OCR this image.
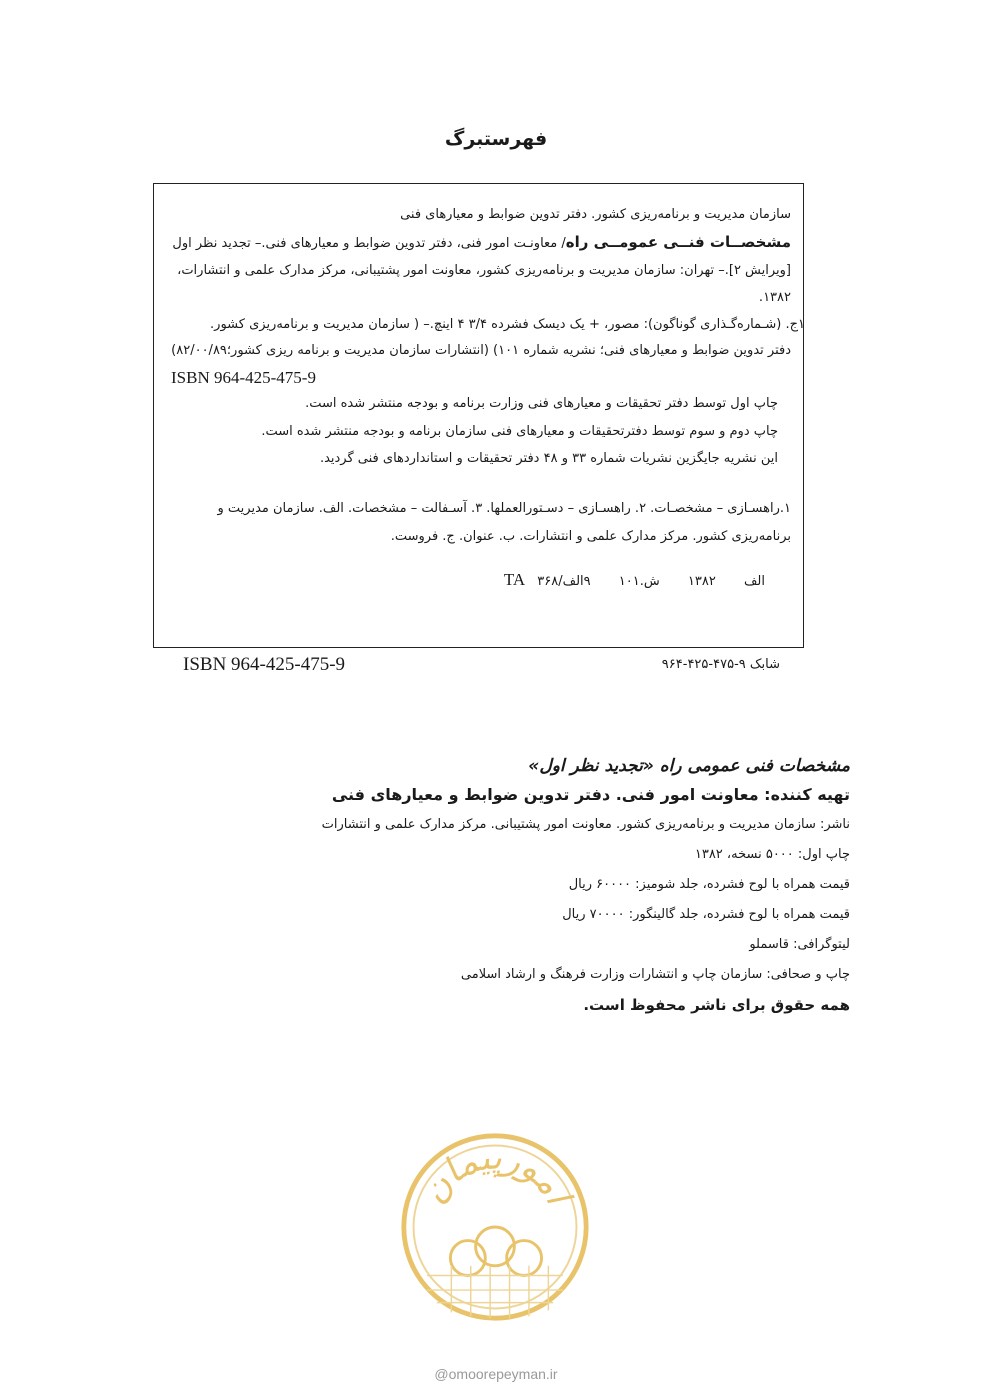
فهرستبرگ
سازمان مدیریت و برنامه‌ریزی کشور. دفتر تدوین ضوابط و معیارهای فنی
مشخصــات فنــی عمومــی راه/ معاونـت امور فنی، دفتر تدوین ضوابط و معیارهای فنی.– تجدید نظر اول
[ویرایش ۲].– تهران: سازمان مدیریت و برنامه‌ریزی کشور، معاونت امور پشتیبانی، مرکز مدارک علمی و انتشارات،
۱۳۸۲.
۱ج. (شـماره‌گـذاری گوناگون): مصور، + یک دیسک فشرده ۳/۴ ۴ اینچ.– ( سازمان مدیریت و برنامه‌ریزی کشور.
دفتر تدوین ضوابط و معیارهای فنی؛ نشریه شماره ۱۰۱) (انتشارات سازمان مدیریت و برنامه ریزی کشور؛۸۲/۰۰/۸۹)
ISBN 964-425-475-9
چاپ اول توسط دفتر تحقیقات و معیارهای فنی وزارت برنامه و بودجه منتشر شده است.
چاپ دوم و سوم توسط دفترتحقیقات و معیارهای فنی سازمان برنامه و بودجه منتشر شده است.
این نشریه جایگزین نشریات شماره ۳۳ و ۴۸ دفتر تحقیقات و استانداردهای فنی گردید.
۱.راهسـازی – مشخصـات. ۲. راهسـازی – دسـتورالعملها. ۳. آسـفالت – مشخصات. الف. سازمان مدیریت و
برنامه‌ریزی کشور. مرکز مدارک علمی و انتشارات. ب. عنوان. ج. فروست.
الف ۱۳۸۲ ش.۱۰۱ ۹الف/۳۶۸ TA
ISBN 964-425-475-9	شابک ۹-۴۷۵-۴۲۵-۹۶۴
مشخصات فنی عمومی راه «تجدید نظر اول»
تهیه کننده: معاونت امور فنی. دفتر تدوین ضوابط و معیارهای فنی
ناشر: سازمان مدیریت و برنامه‌ریزی کشور. معاونت امور پشتیبانی. مرکز مدارک علمی و انتشارات
چاپ اول: ۵۰۰۰ نسخه، ۱۳۸۲
قیمت همراه با لوح فشرده، جلد شومیز: ۶۰۰۰۰ ریال
قیمت همراه با لوح فشرده، جلد گالینگور: ۷۰۰۰۰ ریال
لیتوگرافی: قاسملو
چاپ و صحافی: سازمان چاپ و انتشارات وزارت فرهنگ و ارشاد اسلامی
همه حقوق برای ناشر محفوظ است.
امورپیمان
@omoorepeyman.ir
